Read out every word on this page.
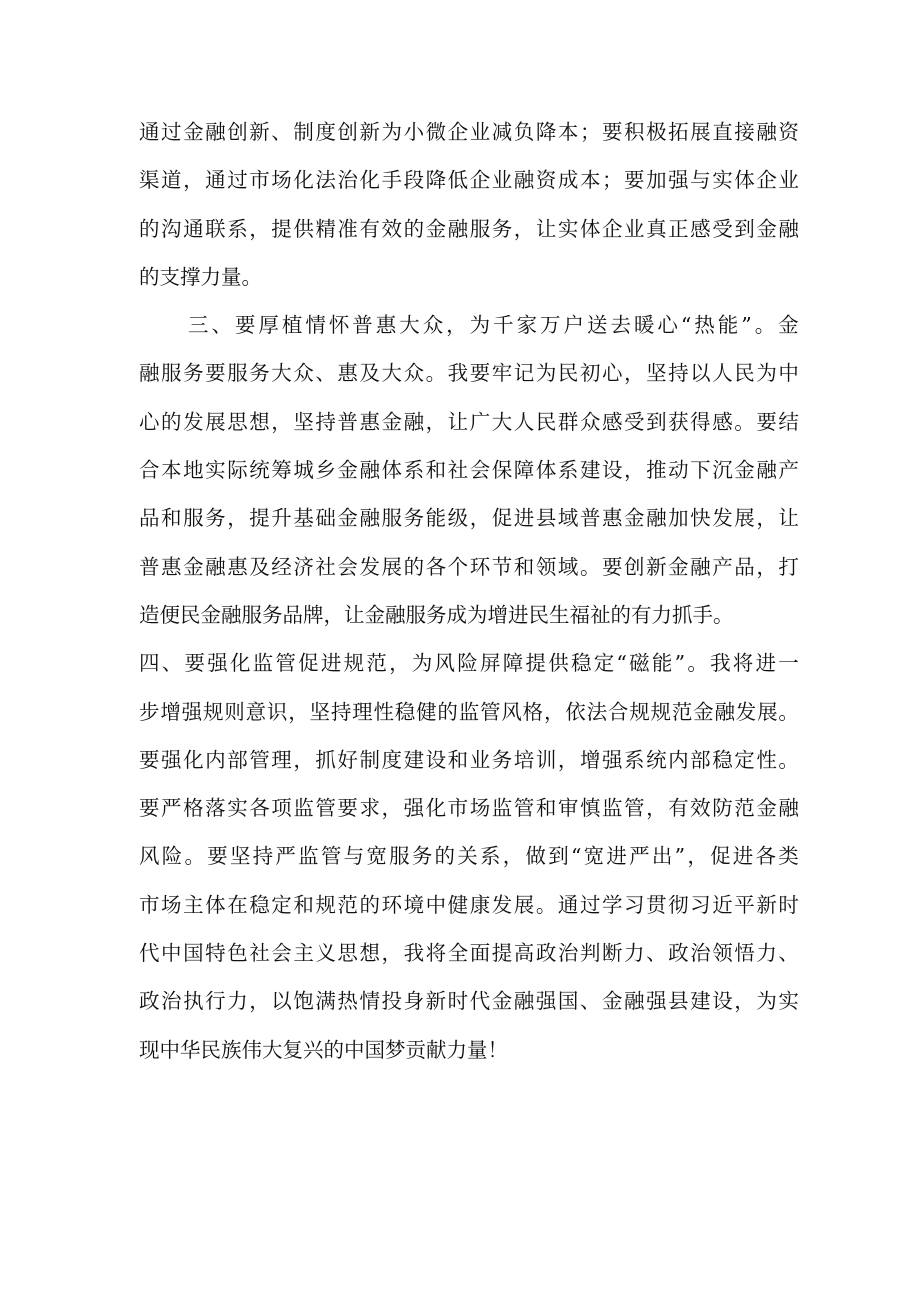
通 过 金 融 创 新 、 制 度 创 新 为 小 微 企 业 减 负 降 本 ； 要 积 极 拓 展 直 接 融 资
渠 道 ， 通 过 市 场 化 法 治 化 手 段 降 低 企 业 融 资 成 本 ； 要 加 强 与 实 体 企 业
的 沟 通 联 系 ， 提 供 精 准 有 效 的 金 融 服 务 ， 让 实 体 企 业 真 正 感 受 到 金 融
的支撑力量。
三 、 要 厚 植 情 怀 普 惠 大 众 ， 为 千 家 万 户 送 去 暖 心 “ 热 能 ” 。 金
融 服 务 要 服 务 大 众 、 惠 及 大 众 。 我 要 牢 记 为 民 初 心 ， 坚 持 以 人 民 为 中
心 的 发 展 思 想 ， 坚 持 普 惠 金 融 ， 让 广 大 人 民 群 众 感 受 到 获 得 感 。 要 结
合 本 地 实 际 统 筹 城 乡 金 融 体 系 和 社 会 保 障 体 系 建 设 ， 推 动 下 沉 金 融 产
品 和 服 务 ， 提 升 基 础 金 融 服 务 能 级 ， 促 进 县 域 普 惠 金 融 加 快 发 展 ， 让
普 惠 金 融 惠 及 经 济 社 会 发 展 的 各 个 环 节 和 领 域 。 要 创 新 金 融 产 品 ， 打
造便民金融服务品牌，让金融服务成为增进民生福祉的有力抓手。
四 、 要 强 化 监 管 促 进 规 范 ， 为 风 险 屏 障 提 供 稳 定 “ 磁 能 ” 。 我 将 进 一
步 增 强 规 则 意 识 ， 坚 持 理 性 稳 健 的 监 管 风 格 ， 依 法 合 规 规 范 金 融 发 展 。
要 强 化 内 部 管 理 ， 抓 好 制 度 建 设 和 业 务 培 训 ， 增 强 系 统 内 部 稳 定 性 。
要 严 格 落 实 各 项 监 管 要 求 ， 强 化 市 场 监 管 和 审 慎 监 管 ， 有 效 防 范 金 融
风 险 。 要 坚 持 严 监 管 与 宽 服 务 的 关 系 ， 做 到 “ 宽 进 严 出 ” ， 促 进 各 类
市 场 主 体 在 稳 定 和 规 范 的 环 境 中 健 康 发 展 。 通 过 学 习 贯 彻 习 近 平 新 时
代 中 国 特 色 社 会 主 义 思 想 ， 我 将 全 面 提 高 政 治 判 断 力 、 政 治 领 悟 力 、
政 治 执 行 力 ， 以 饱 满 热 情 投 身 新 时 代 金 融 强 国 、 金 融 强 县 建 设 ， 为 实
现中华民族伟大复兴的中国梦贡献力量！
